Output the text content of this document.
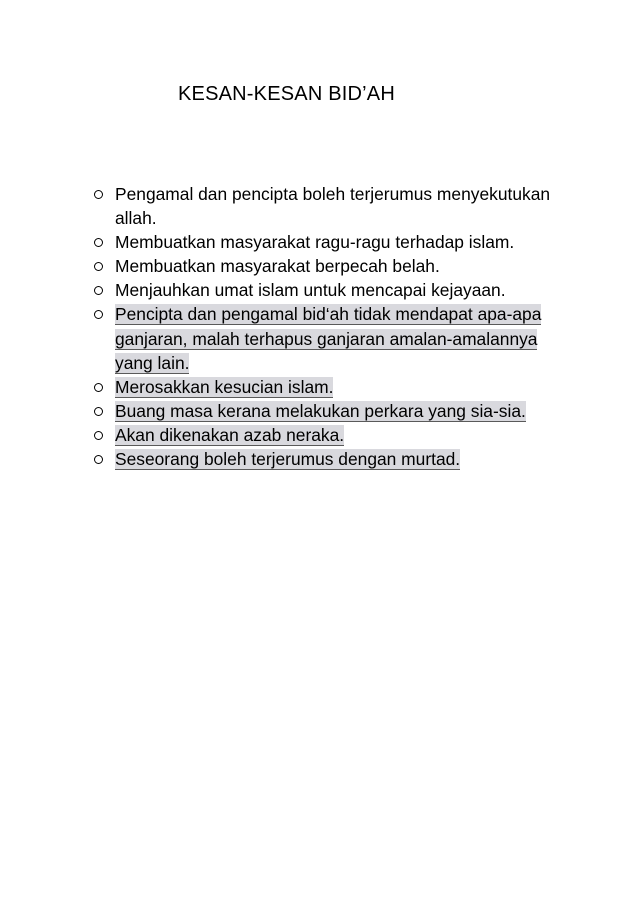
KESAN-KESAN BID’AH
Pengamal dan pencipta boleh terjerumus menyekutukan allah.
Membuatkan masyarakat ragu-ragu terhadap islam.
Membuatkan masyarakat berpecah belah.
Menjauhkan umat islam untuk mencapai kejayaan.
Pencipta dan pengamal bid‘ah tidak mendapat apa-apa ganjaran, malah terhapus ganjaran amalan-amalannya yang lain.
Merosakkan kesucian islam.
Buang masa kerana melakukan perkara yang sia-sia.
Akan dikenakan azab neraka.
Seseorang boleh terjerumus dengan murtad.
